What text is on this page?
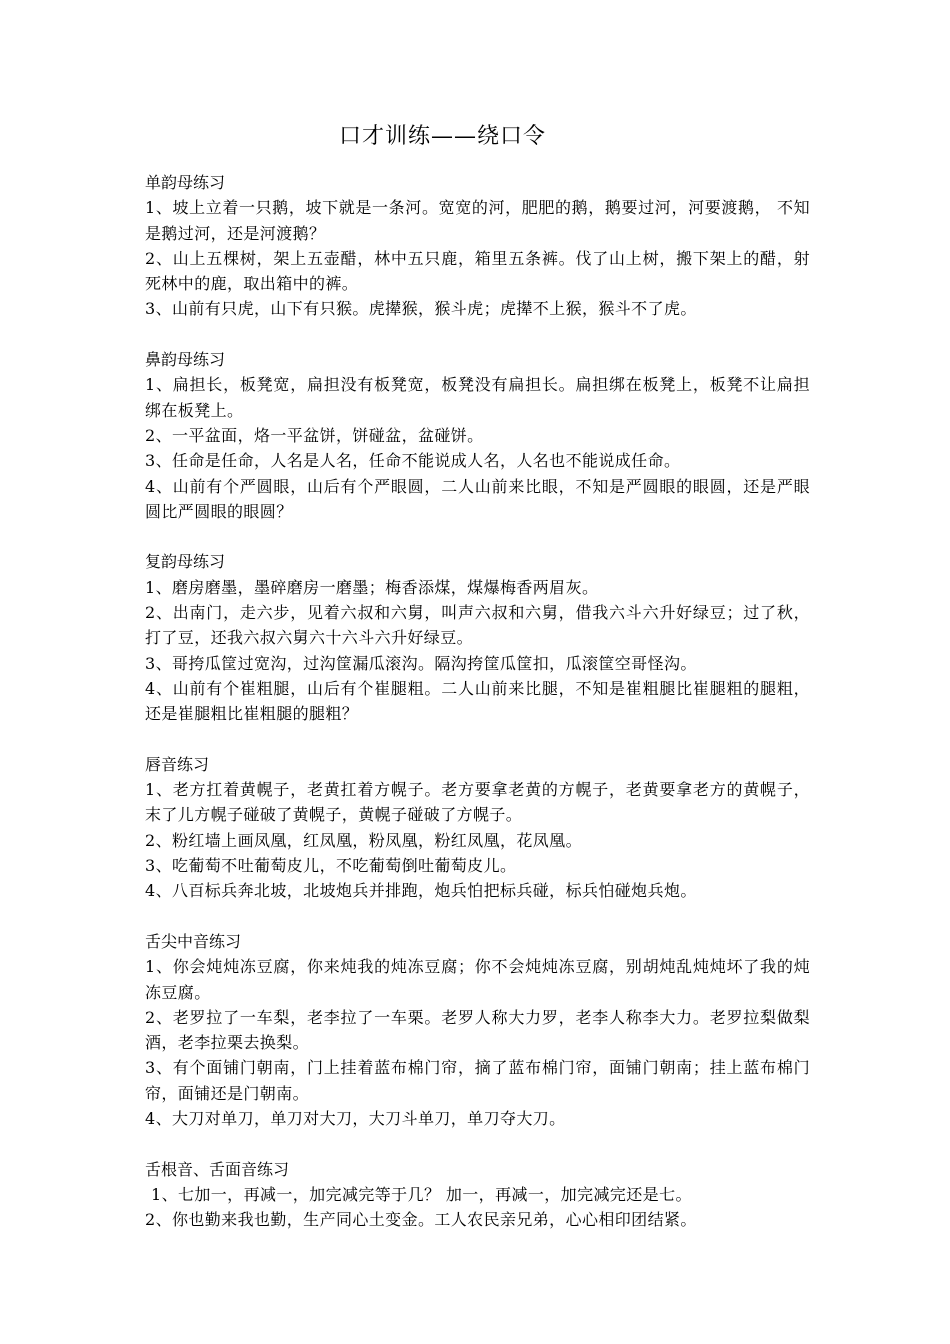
口才训练——绕口令

单韵母练习

1、坡上立着一只鹅，坡下就是一条河。宽宽的河，肥肥的鹅，鹅要过河，河要渡鹅， 不知是鹅过河，还是河渡鹅？

2、山上五棵树，架上五壶醋，林中五只鹿，箱里五条裤。伐了山上树，搬下架上的醋，射死林中的鹿，取出箱中的裤。

3、山前有只虎，山下有只猴。虎撵猴，猴斗虎；虎撵不上猴，猴斗不了虎。

鼻韵母练习

1、扁担长，板凳宽，扁担没有板凳宽，板凳没有扁担长。扁担绑在板凳上，板凳不让扁担绑在板凳上。

2、一平盆面，烙一平盆饼，饼碰盆，盆碰饼。

3、任命是任命，人名是人名，任命不能说成人名，人名也不能说成任命。

4、山前有个严圆眼，山后有个严眼圆，二人山前来比眼，不知是严圆眼的眼圆，还是严眼圆比严圆眼的眼圆？

复韵母练习

1、磨房磨墨，墨碎磨房一磨墨；梅香添煤，煤爆梅香两眉灰。

2、出南门，走六步，见着六叔和六舅，叫声六叔和六舅，借我六斗六升好绿豆；过了秋， 打了豆，还我六叔六舅六十六斗六升好绿豆。

3、哥挎瓜筐过宽沟，过沟筐漏瓜滚沟。隔沟挎筐瓜筐扣，瓜滚筐空哥怪沟。

4、山前有个崔粗腿，山后有个崔腿粗。二人山前来比腿，不知是崔粗腿比崔腿粗的腿粗， 还是崔腿粗比崔粗腿的腿粗？

唇音练习

1、老方扛着黄幌子，老黄扛着方幌子。老方要拿老黄的方幌子，老黄要拿老方的黄幌子， 末了儿方幌子碰破了黄幌子，黄幌子碰破了方幌子。

2、粉红墙上画凤凰，红凤凰，粉凤凰，粉红凤凰，花凤凰。

3、吃葡萄不吐葡萄皮儿，不吃葡萄倒吐葡萄皮儿。

4、八百标兵奔北坡，北坡炮兵并排跑，炮兵怕把标兵碰，标兵怕碰炮兵炮。

舌尖中音练习

1、你会炖炖冻豆腐，你来炖我的炖冻豆腐；你不会炖炖冻豆腐，别胡炖乱炖炖坏了我的炖冻豆腐。

2、老罗拉了一车梨，老李拉了一车栗。老罗人称大力罗，老李人称李大力。老罗拉梨做梨酒，老李拉栗去换梨。

3、有个面铺门朝南，门上挂着蓝布棉门帘，摘了蓝布棉门帘，面铺门朝南；挂上蓝布棉门帘，面铺还是门朝南。

4、大刀对单刀，单刀对大刀，大刀斗单刀，单刀夺大刀。

舌根音、舌面音练习

1、七加一，再减一，加完减完等于几？ 加一，再减一，加完减完还是七。

2、你也勤来我也勤，生产同心土变金。工人农民亲兄弟，心心相印团结紧。
